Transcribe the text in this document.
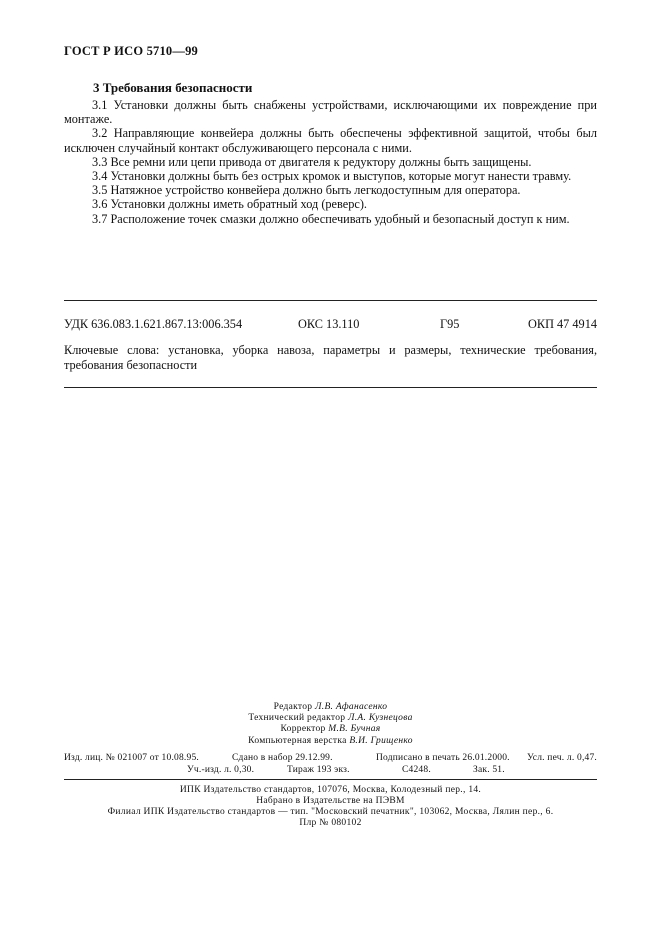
ГОСТ Р ИСО 5710—99
3 Требования безопасности

3.1 Установки должны быть снабжены устройствами, исключающими их повреждение при монтаже.

3.2 Направляющие конвейера должны быть обеспечены эффективной защитой, чтобы был исключен случайный контакт обслуживающего персонала с ними.

3.3 Все ремни или цепи привода от двигателя к редуктору должны быть защищены.

3.4 Установки должны быть без острых кромок и выступов, которые могут нанести травму.

3.5 Натяжное устройство конвейера должно быть легкодоступным для оператора.

3.6 Установки должны иметь обратный ход (реверс).

3.7 Расположение точек смазки должно обеспечивать удобный и безопасный доступ к ним.

УДК 636.083.1.621.867.13:006.354	ОКС 13.110	Г95	ОКП 47 4914
Ключевые слова: установка, уборка навоза, параметры и размеры, технические требования, требования безопасности
Редактор Л.В. Афанасенко
Технический редактор Л.А. Кузнецова
Корректор М.В. Бучная
Компьютерная верстка В.И. Грищенко
Изд. лиц. № 021007 от 10.08.95.	Сдано в набор 29.12.99.	Подписано в печать 26.01.2000. Усл. печ. л. 0,47.
Уч.-изд. л. 0,30.	Тираж 193 экз.	С4248.	Зак. 51.
ИПК Издательство стандартов, 107076, Москва, Колодезный пер., 14.
Набрано в Издательстве на ПЭВМ
Филиал ИПК Издательство стандартов — тип. "Московский печатник", 103062, Москва, Лялин пер., 6.
Плр № 080102
